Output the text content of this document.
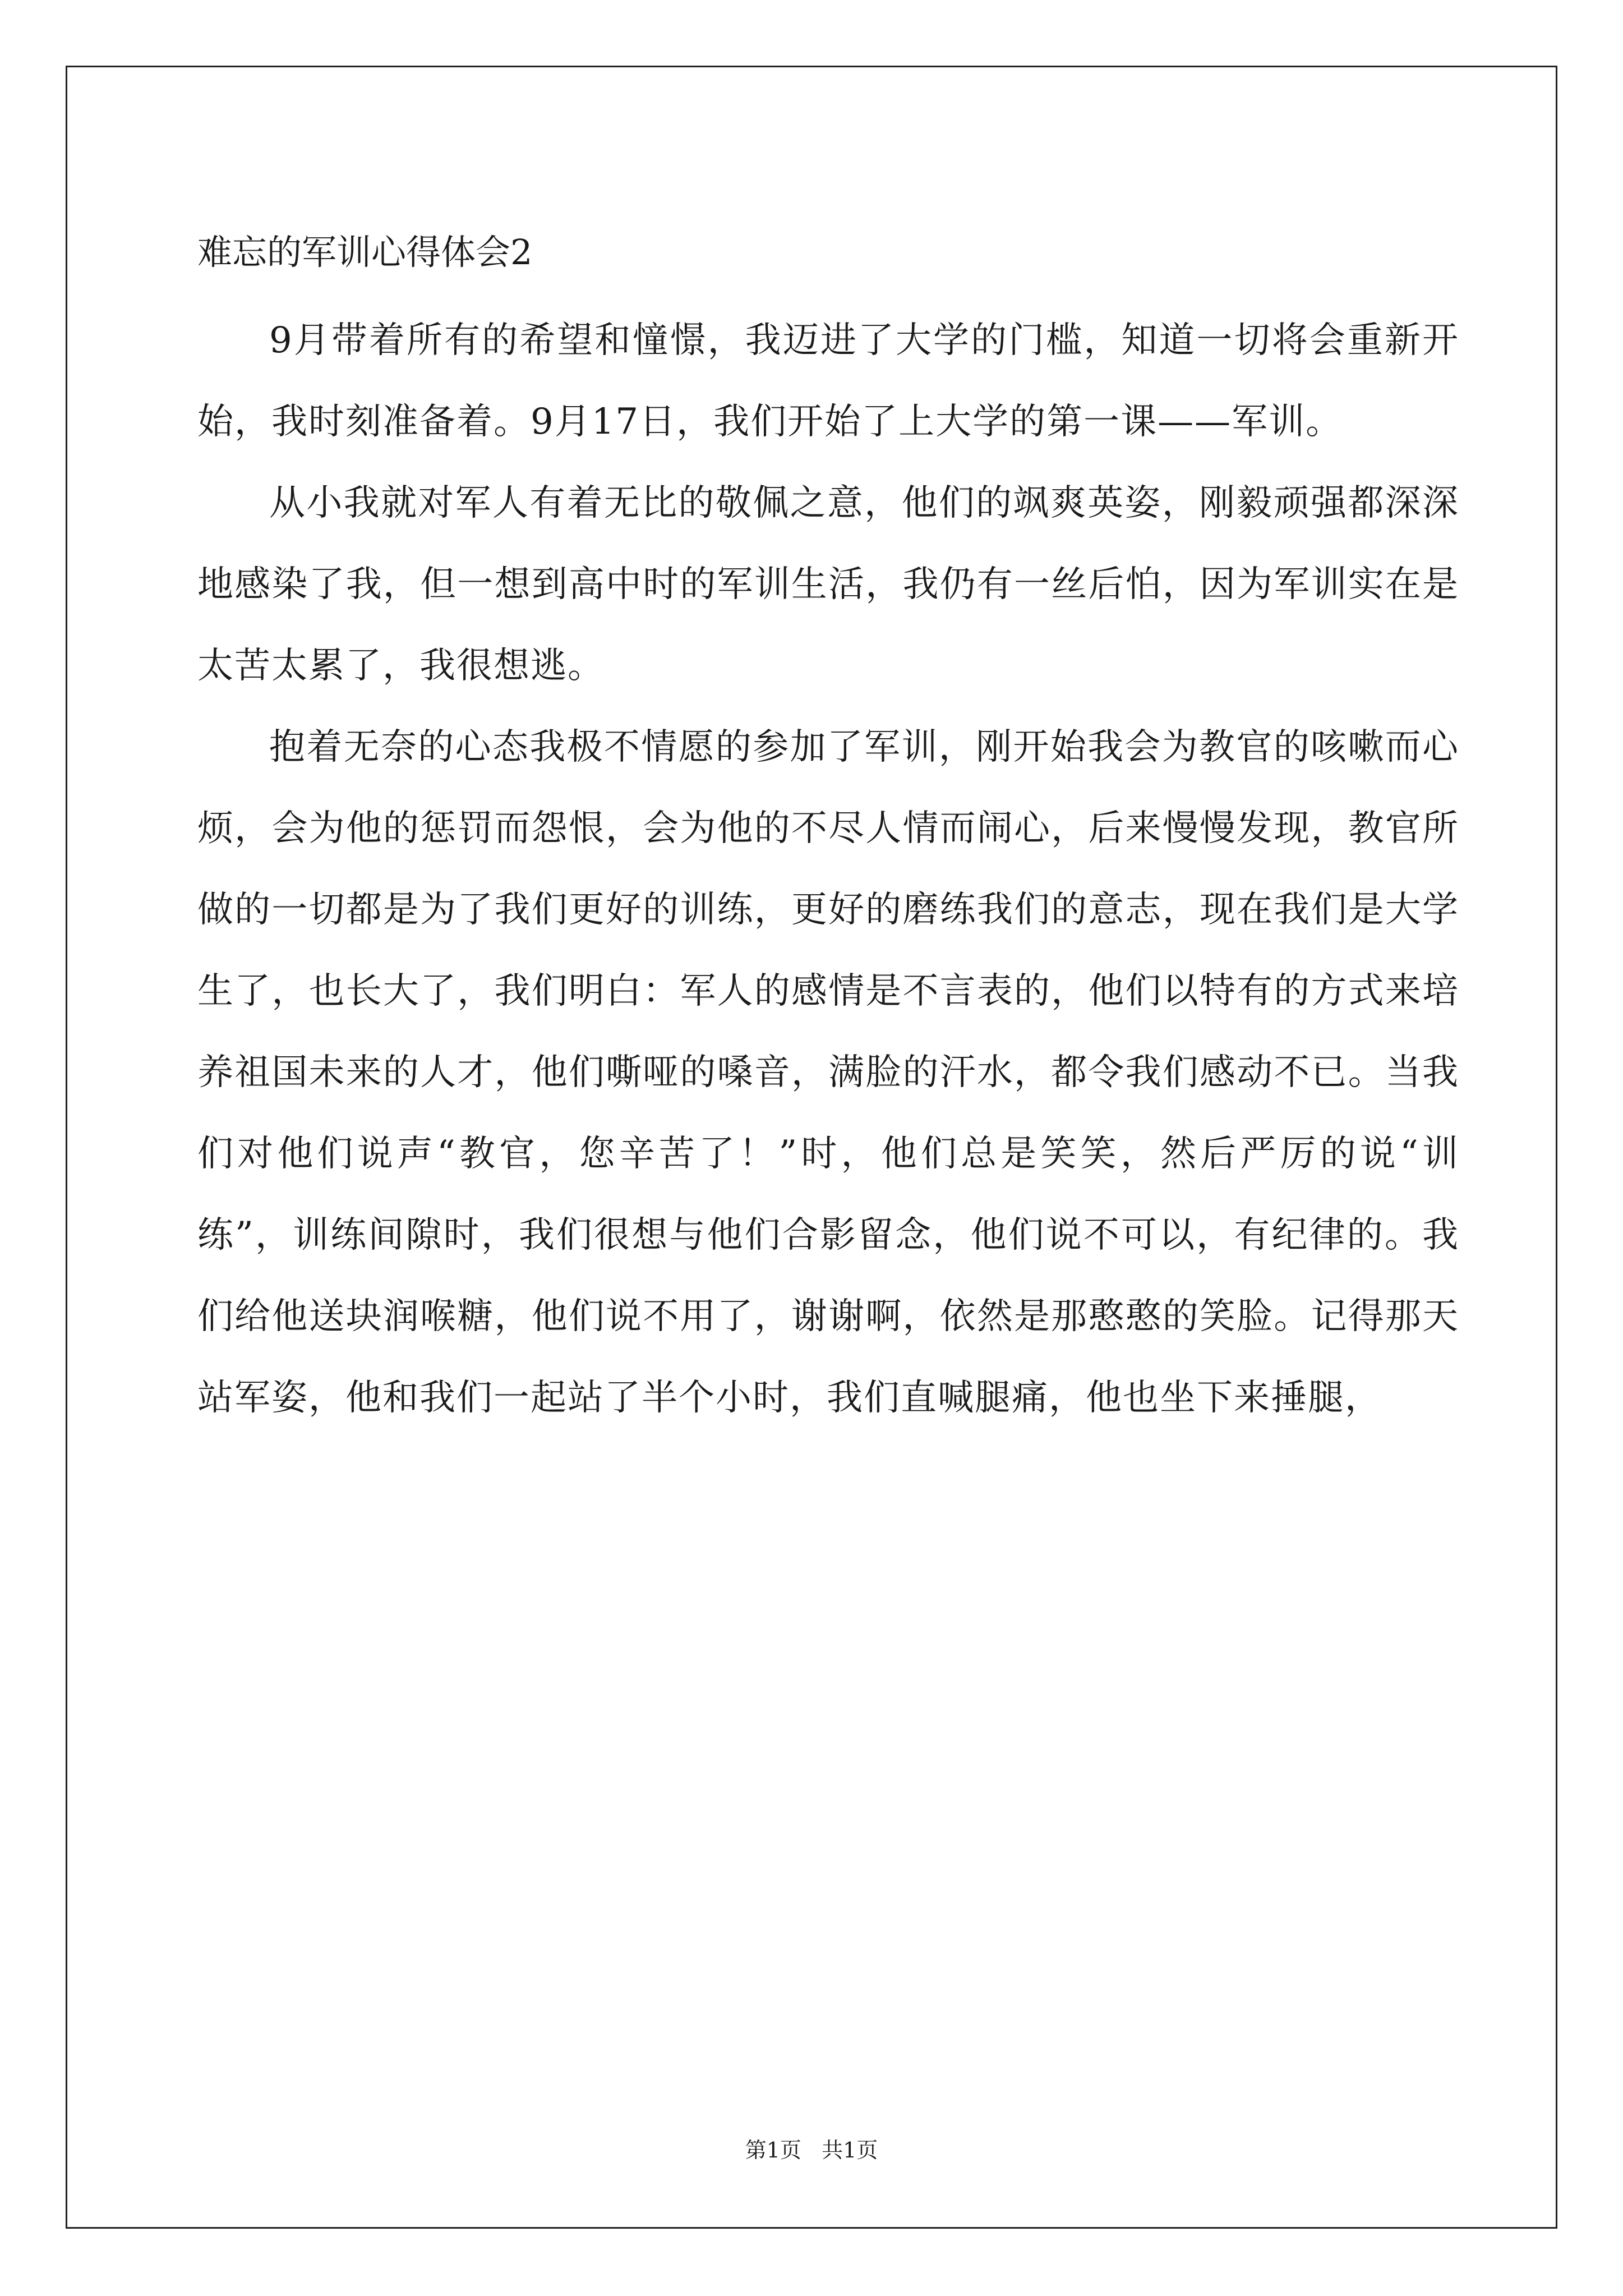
难忘的军训心得体会2

9月带着所有的希望和憧憬，我迈进了大学的门槛，知道一切将会重新开始，我时刻准备着。9月17日，我们开始了上大学的第一课——军训。

从小我就对军人有着无比的敬佩之意，他们的飒爽英姿，刚毅顽强都深深地感染了我，但一想到高中时的军训生活，我仍有一丝后怕，因为军训实在是太苦太累了，我很想逃。

抱着无奈的心态我极不情愿的参加了军训，刚开始我会为教官的咳嗽而心烦，会为他的惩罚而怨恨，会为他的不尽人情而闹心，后来慢慢发现，教官所做的一切都是为了我们更好的训练，更好的磨练我们的意志，现在我们是大学生了，也长大了，我们明白：军人的感情是不言表的，他们以特有的方式来培养祖国未来的人才，他们嘶哑的嗓音，满脸的汗水，都令我们感动不已。当我们对他们说声“教官，您辛苦了！”时，他们总是笑笑，然后严厉的说“训练”，训练间隙时，我们很想与他们合影留念，他们说不可以，有纪律的。我们给他送块润喉糖，他们说不用了，谢谢啊，依然是那憨憨的笑脸。记得那天站军姿，他和我们一起站了半个小时，我们直喊腿痛，他也坐下来捶腿，

第1页   共1页
